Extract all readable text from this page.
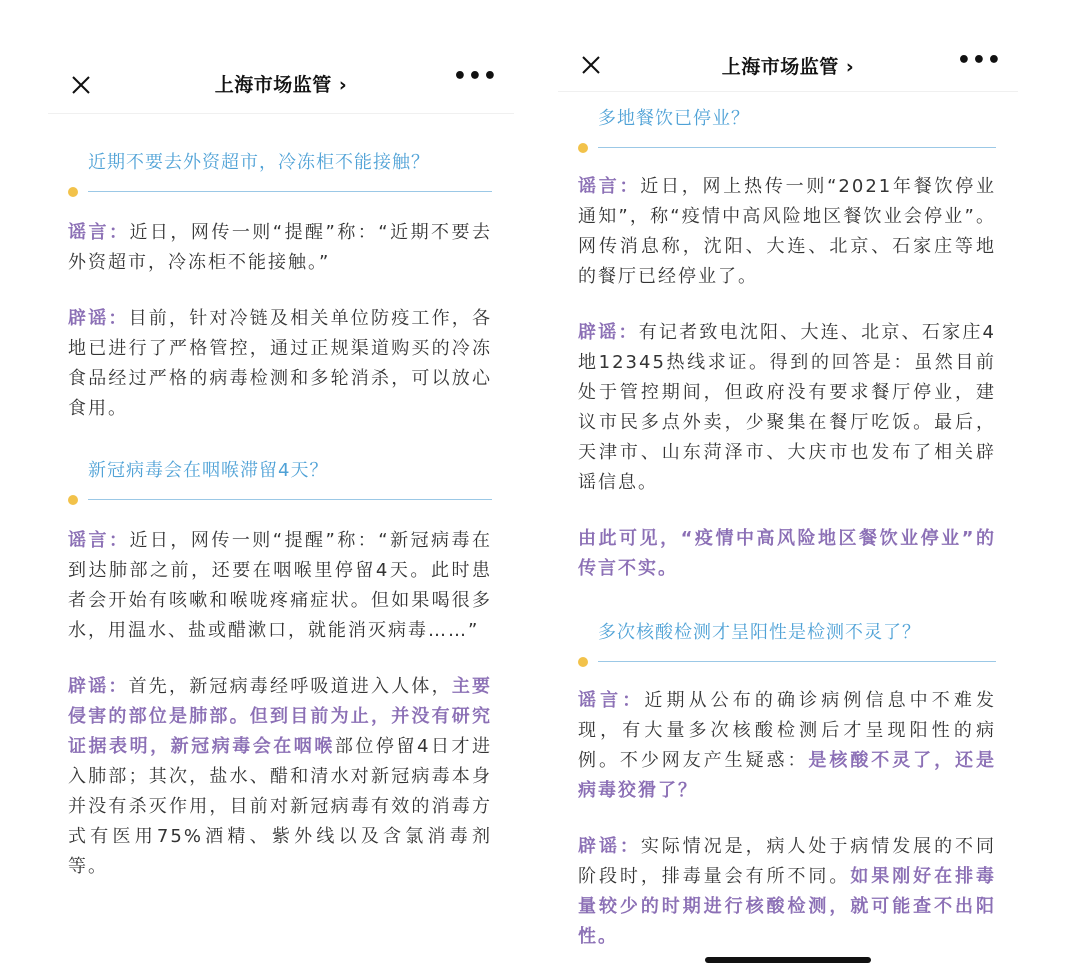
上海市场监管 ›	•••
近期不要去外资超市，冷冻柜不能接触？

谣言：近日，网传一则“提醒”称：“近期不要去外资超市，冷冻柜不能接触。”

辟谣：目前，针对冷链及相关单位防疫工作，各地已进行了严格管控，通过正规渠道购买的冷冻食品经过严格的病毒检测和多轮消杀，可以放心食用。

新冠病毒会在咽喉滞留4天？

谣言：近日，网传一则“提醒”称：“新冠病毒在到达肺部之前，还要在咽喉里停留4天。此时患者会开始有咳嗽和喉咙疼痛症状。但如果喝很多水，用温水、盐或醋漱口，就能消灭病毒……”

辟谣：首先，新冠病毒经呼吸道进入人体，主要侵害的部位是肺部。但到目前为止，并没有研究证据表明，新冠病毒会在咽喉部位停留4日才进入肺部；其次，盐水、醋和清水对新冠病毒本身并没有杀灭作用，目前对新冠病毒有效的消毒方式有医用75%酒精、紫外线以及含氯消毒剂等。

上海市场监管 ›	•••
多地餐饮已停业？

谣言：近日，网上热传一则“2021年餐饮停业通知”，称“疫情中高风险地区餐饮业会停业”。网传消息称，沈阳、大连、北京、石家庄等地的餐厅已经停业了。

辟谣：有记者致电沈阳、大连、北京、石家庄4地12345热线求证。得到的回答是：虽然目前处于管控期间，但政府没有要求餐厅停业，建议市民多点外卖，少聚集在餐厅吃饭。最后，天津市、山东菏泽市、大庆市也发布了相关辟谣信息。

由此可见，“疫情中高风险地区餐饮业停业”的传言不实。

多次核酸检测才呈阳性是检测不灵了？

谣言：近期从公布的确诊病例信息中不难发现，有大量多次核酸检测后才呈现阳性的病例。不少网友产生疑惑：是核酸不灵了，还是病毒狡猾了？

辟谣：实际情况是，病人处于病情发展的不同阶段时，排毒量会有所不同。如果刚好在排毒量较少的时期进行核酸检测，就可能查不出阳性。
